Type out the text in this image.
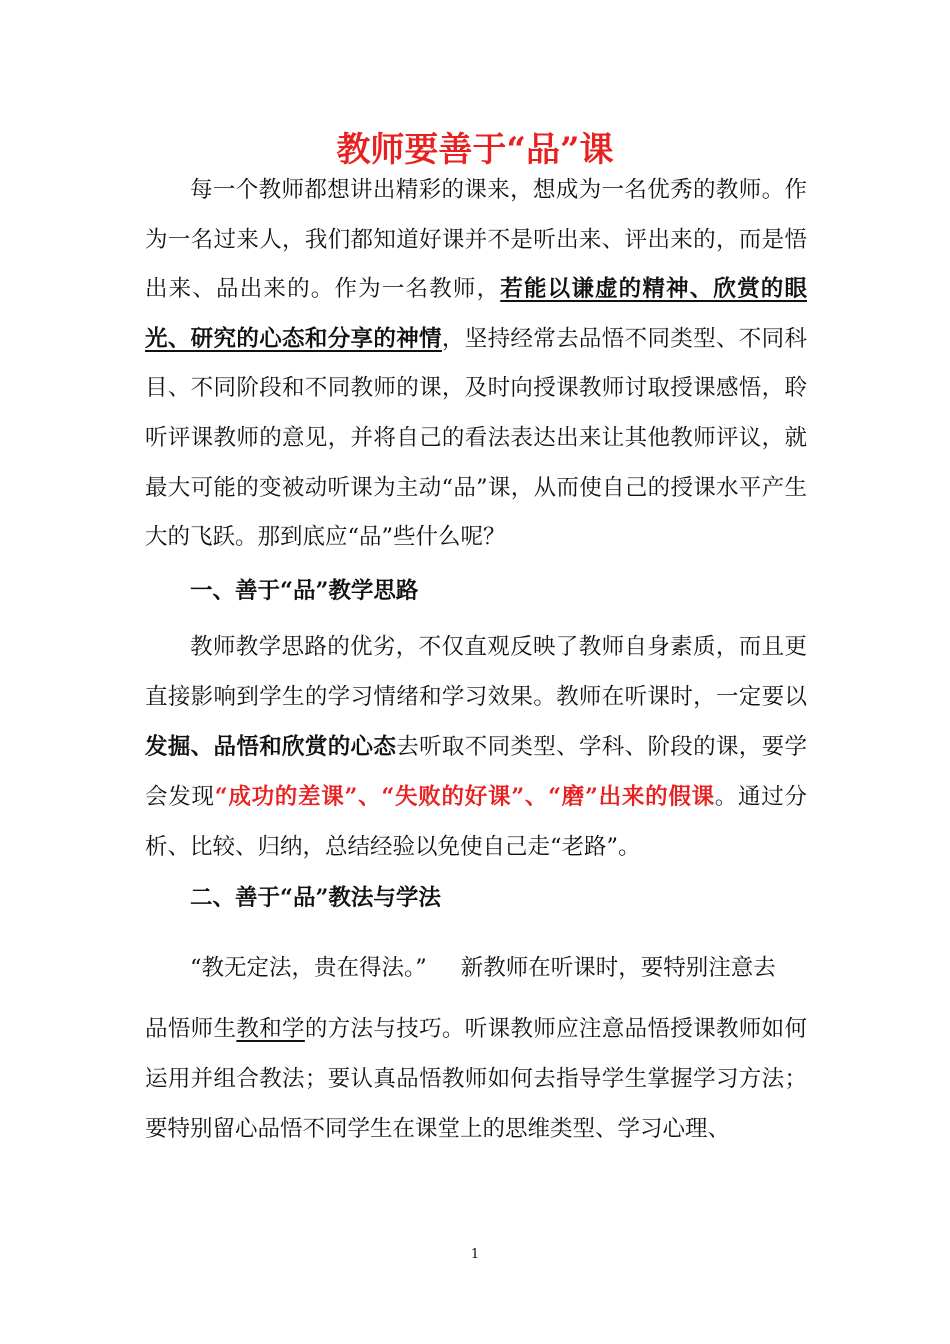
教师要善于“品”课

每一个教师都想讲出精彩的课来，想成为一名优秀的教师。作为一名过来人，我们都知道好课并不是听出来、评出来的，而是悟出来、品出来的。作为一名教师，若能以谦虚的精神、欣赏的眼光、研究的心态和分享的神情，坚持经常去品悟不同类型、不同科目、不同阶段和不同教师的课，及时向授课教师讨取授课感悟，聆听评课教师的意见，并将自己的看法表达出来让其他教师评议，就最大可能的变被动听课为主动“品”课，从而使自己的授课水平产生大的飞跃。那到底应“品”些什么呢？

一、善于“品”教学思路

教师教学思路的优劣，不仅直观反映了教师自身素质，而且更直接影响到学生的学习情绪和学习效果。教师在听课时，一定要以发掘、品悟和欣赏的心态去听取不同类型、学科、阶段的课，要学会发现“成功的差课”、“失败的好课”、“磨”出来的假课。通过分析、比较、归纳，总结经验以免使自己走“老路”。

二、善于“品”教法与学法

“教无定法，贵在得法。” 新教师在听课时，要特别注意去

品悟师生教和学的方法与技巧。听课教师应注意品悟授课教师如何运用并组合教法；要认真品悟教师如何去指导学生掌握学习方法；要特别留心品悟不同学生在课堂上的思维类型、学习心理、

1
